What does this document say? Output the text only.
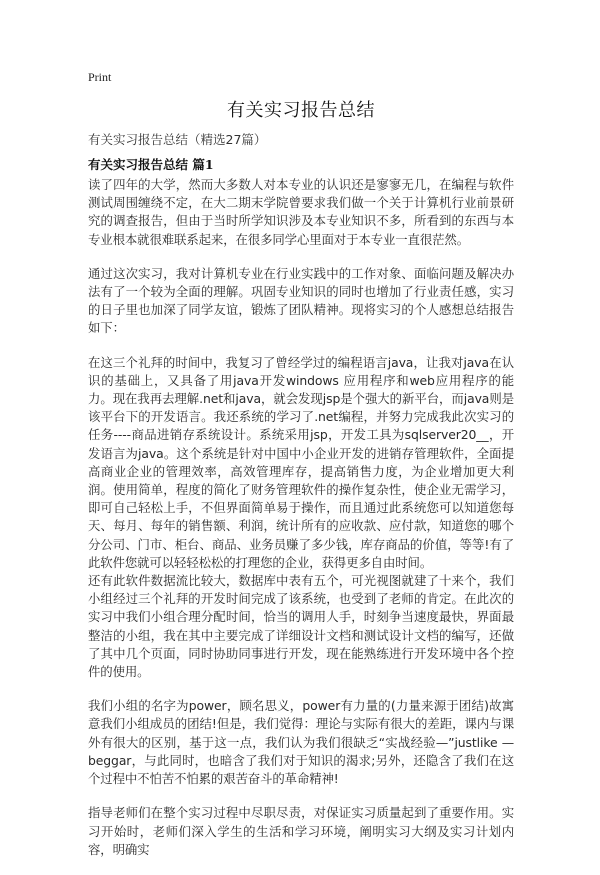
Print
有关实习报告总结
有关实习报告总结（精选27篇）
有关实习报告总结 篇1

读了四年的大学，然而大多数人对本专业的认识还是寥寥无几，在编程与软件测试周围缠绕不定，在大二期末学院曾要求我们做一个关于计算机行业前景研究的调查报告，但由于当时所学知识涉及本专业知识不多，所看到的东西与本专业根本就很难联系起来，在很多同学心里面对于本专业一直很茫然。

通过这次实习，我对计算机专业在行业实践中的工作对象、面临问题及解决办法有了一个较为全面的理解。巩固专业知识的同时也增加了行业责任感，实习的日子里也加深了同学友谊，锻炼了团队精神。现将实习的个人感想总结报告如下：

在这三个礼拜的时间中，我复习了曾经学过的编程语言java，让我对java在认识的基础上，又具备了用java开发windows 应用程序和web应用程序的能力。现在我再去理解.net和java，就会发现jsp是个强大的新平台，而java则是该平台下的开发语言。我还系统的学习了.net编程，并努力完成我此次实习的任务----商品进销存系统设计。系统采用jsp，开发工具为sqlserver20__，开发语言为java。这个系统是针对中国中小企业开发的进销存管理软件，全面提高商业企业的管理效率，高效管理库存，提高销售力度，为企业增加更大利润。使用简单，程度的简化了财务管理软件的操作复杂性，使企业无需学习，即可自己轻松上手，不但界面简单易于操作，而且通过此系统您可以知道您每天、每月、每年的销售额、利润，统计所有的应收款、应付款，知道您的哪个分公司、门市、柜台、商品、业务员赚了多少钱，库存商品的价值，等等!有了此软件您就可以轻轻松松的打理您的企业，获得更多自由时间。

还有此软件数据流比较大，数据库中表有五个，可光视图就建了十来个，我们小组经过三个礼拜的开发时间完成了该系统，也受到了老师的肯定。在此次的实习中我们小组合理分配时间，恰当的调用人手，时刻争当速度最快，界面最整洁的小组，我在其中主要完成了详细设计文档和测试设计文档的编写，还做了其中几个页面，同时协助同事进行开发，现在能熟练进行开发环境中各个控件的使用。

我们小组的名字为power，顾名思义，power有力量的(力量来源于团结)故寓意我们小组成员的团结!但是，我们觉得：理论与实际有很大的差距，课内与课外有很大的区别，基于这一点，我们认为我们很缺乏“实战经验—”justlike —beggar，与此同时，也暗含了我们对于知识的渴求;另外，还隐含了我们在这个过程中不怕苦不怕累的艰苦奋斗的革命精神!

指导老师们在整个实习过程中尽职尽责，对保证实习质量起到了重要作用。实习开始时，老师们深入学生的生活和学习环境，阐明实习大纲及实习计划内容，明确实
